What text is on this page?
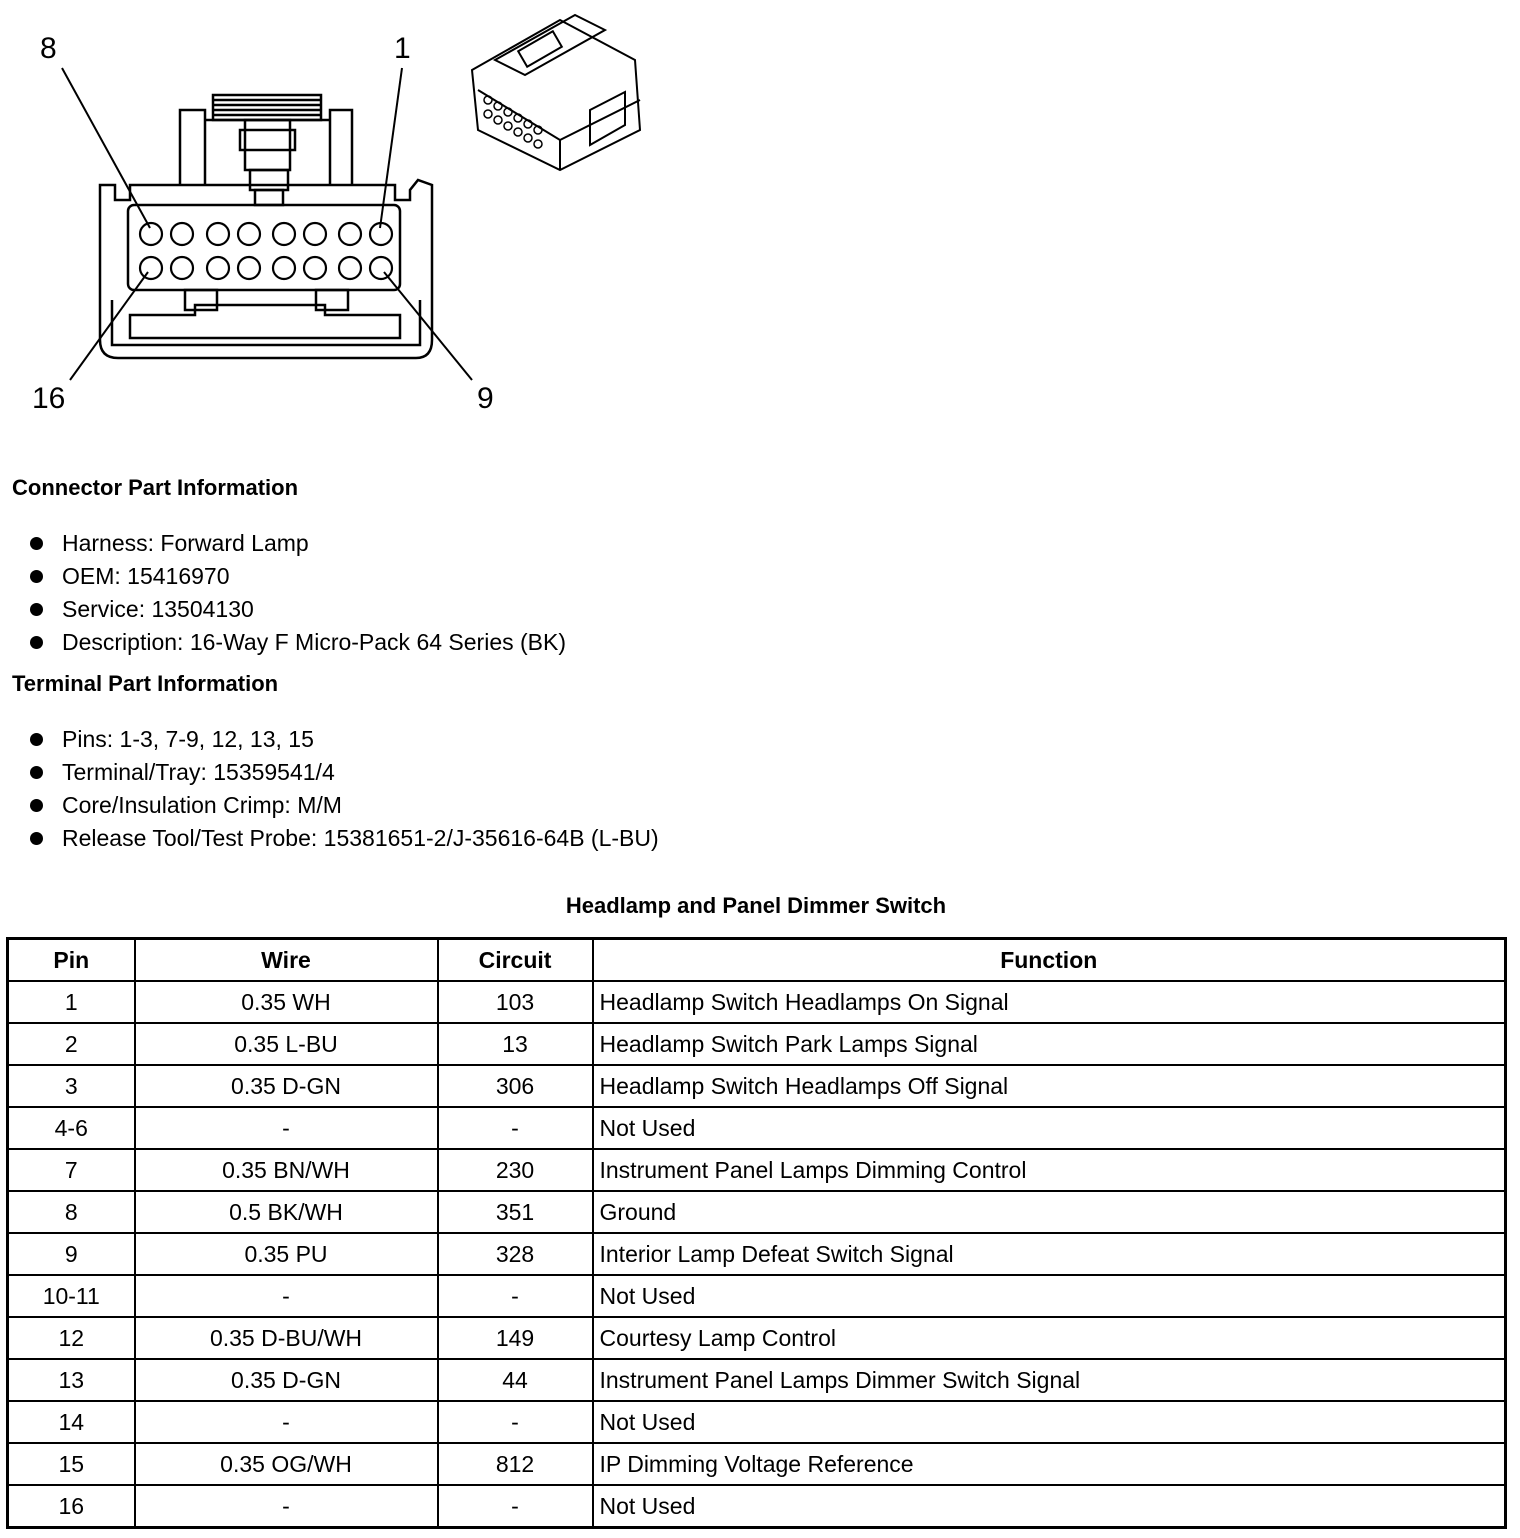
8	1
16	9
Connector Part Information
Harness: Forward Lamp
OEM: 15416970
Service: 13504130
Description: 16-Way F Micro-Pack 64 Series (BK)
Terminal Part Information
Pins: 1-3, 7-9, 12, 13, 15
Terminal/Tray: 15359541/4
Core/Insulation Crimp: M/M
Release Tool/Test Probe: 15381651-2/J-35616-64B (L-BU)
Headlamp and Panel Dimmer Switch
Pin	Wire	Circuit	Function
1	0.35 WH	103	Headlamp Switch Headlamps On Signal
2	0.35 L-BU	13	Headlamp Switch Park Lamps Signal
3	0.35 D-GN	306	Headlamp Switch Headlamps Off Signal
4-6	-	-	Not Used
7	0.35 BN/WH	230	Instrument Panel Lamps Dimming Control
8	0.5 BK/WH	351	Ground
9	0.35 PU	328	Interior Lamp Defeat Switch Signal
10-11	-	-	Not Used
12	0.35 D-BU/WH	149	Courtesy Lamp Control
13	0.35 D-GN	44	Instrument Panel Lamps Dimmer Switch Signal
14	-	-	Not Used
15	0.35 OG/WH	812	IP Dimming Voltage Reference
16	-	-	Not Used
